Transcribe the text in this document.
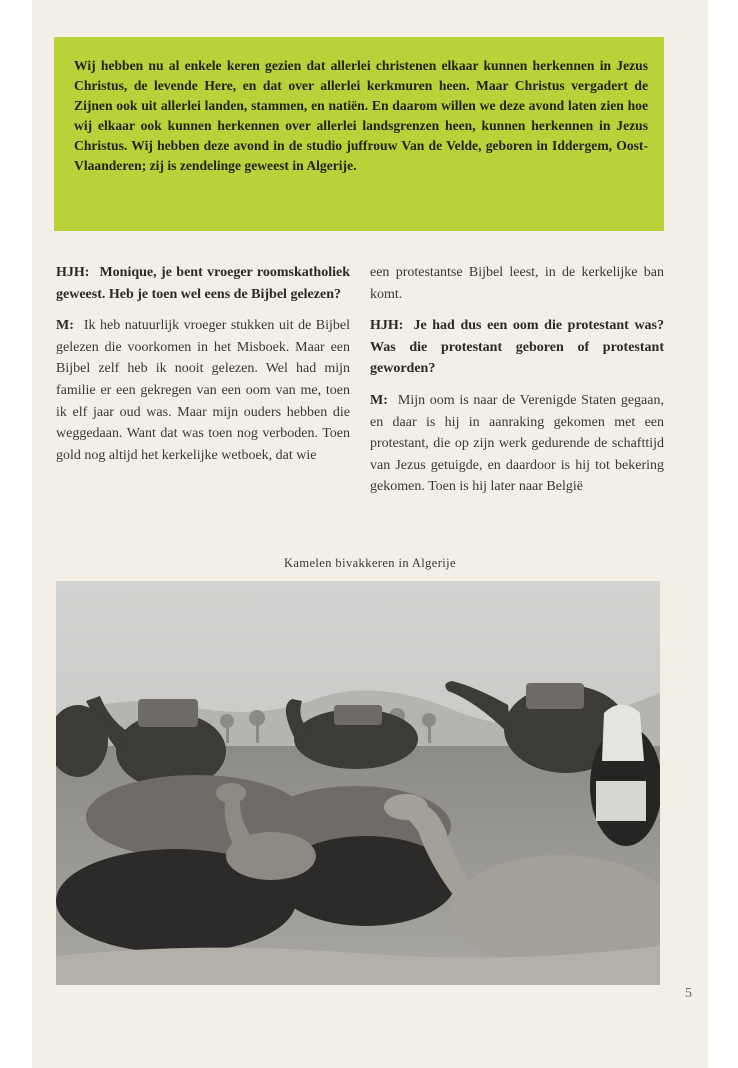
Wij hebben nu al enkele keren gezien dat allerlei christenen elkaar kunnen herkennen in Jezus Christus, de levende Here, en dat over allerlei kerkmuren heen. Maar Christus vergadert de Zijnen ook uit allerlei landen, stammen, en natiën. En daarom willen we deze avond laten zien hoe wij elkaar ook kunnen herkennen over allerlei landsgrenzen heen, kunnen herkennen in Jezus Christus. Wij hebben deze avond in de studio juffrouw Van de Velde, geboren in Iddergem, Oost-Vlaanderen; zij is zendelinge geweest in Algerije.

HJH: Monique, je bent vroeger roomskatholiek geweest. Heb je toen wel eens de Bijbel gelezen?

M: Ik heb natuurlijk vroeger stukken uit de Bijbel gelezen die voorkomen in het Misboek. Maar een Bijbel zelf heb ik nooit gelezen. Wel had mijn familie er een gekregen van een oom van me, toen ik elf jaar oud was. Maar mijn ouders hebben die weggedaan. Want dat was toen nog verboden. Toen gold nog altijd het kerkelijke wetboek, dat wie

een protestantse Bijbel leest, in de kerkelijke ban komt.

HJH: Je had dus een oom die protestant was? Was die protestant geboren of protestant geworden?

M: Mijn oom is naar de Verenigde Staten gegaan, en daar is hij in aanraking gekomen met een protestant, die op zijn werk gedurende de schafttijd van Jezus getuigde, en daardoor is hij tot bekering gekomen. Toen is hij later naar België

Kamelen bivakkeren in Algerije
5
